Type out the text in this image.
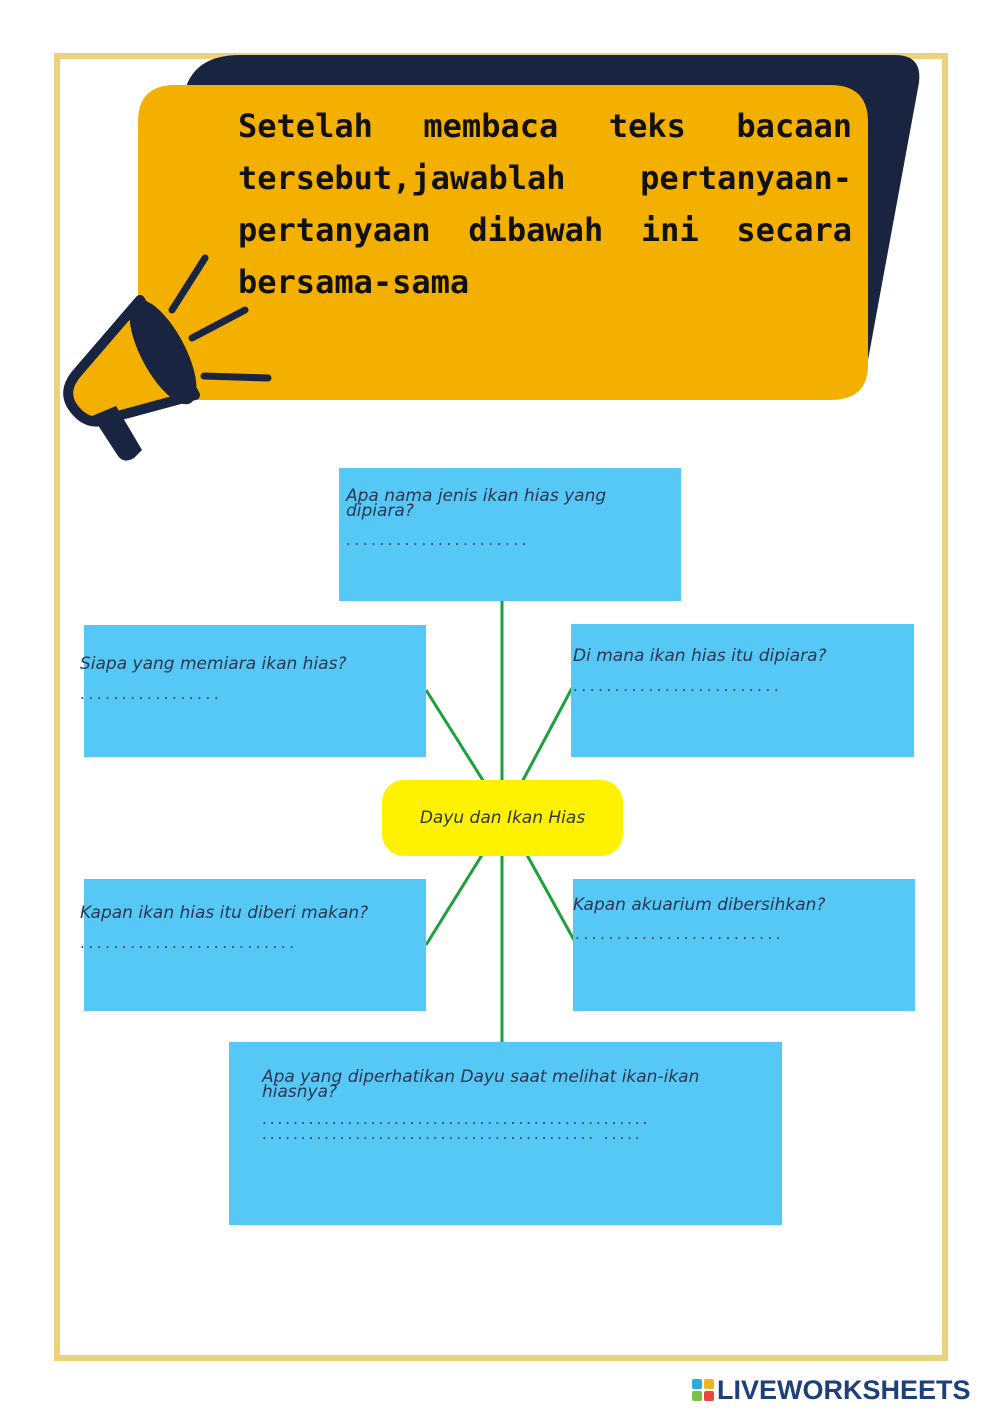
Setelah membaca teks bacaan tersebut,jawablah pertanyaan-pertanyaan dibawah ini secara bersama-sama

Apa nama jenis ikan hias yang dipiara?
......................
Siapa yang memiara ikan hias?
.................
Di mana ikan hias itu dipiara?
.........................
Dayu dan Ikan Hias
Kapan ikan hias itu diberi makan?
..........................
Kapan akuarium dibersihkan?
.........................
Apa yang diperhatikan Dayu saat melihat ikan-ikan hiasnya?
..................................................
........................................... .....
LIVEWORKSHEETS
